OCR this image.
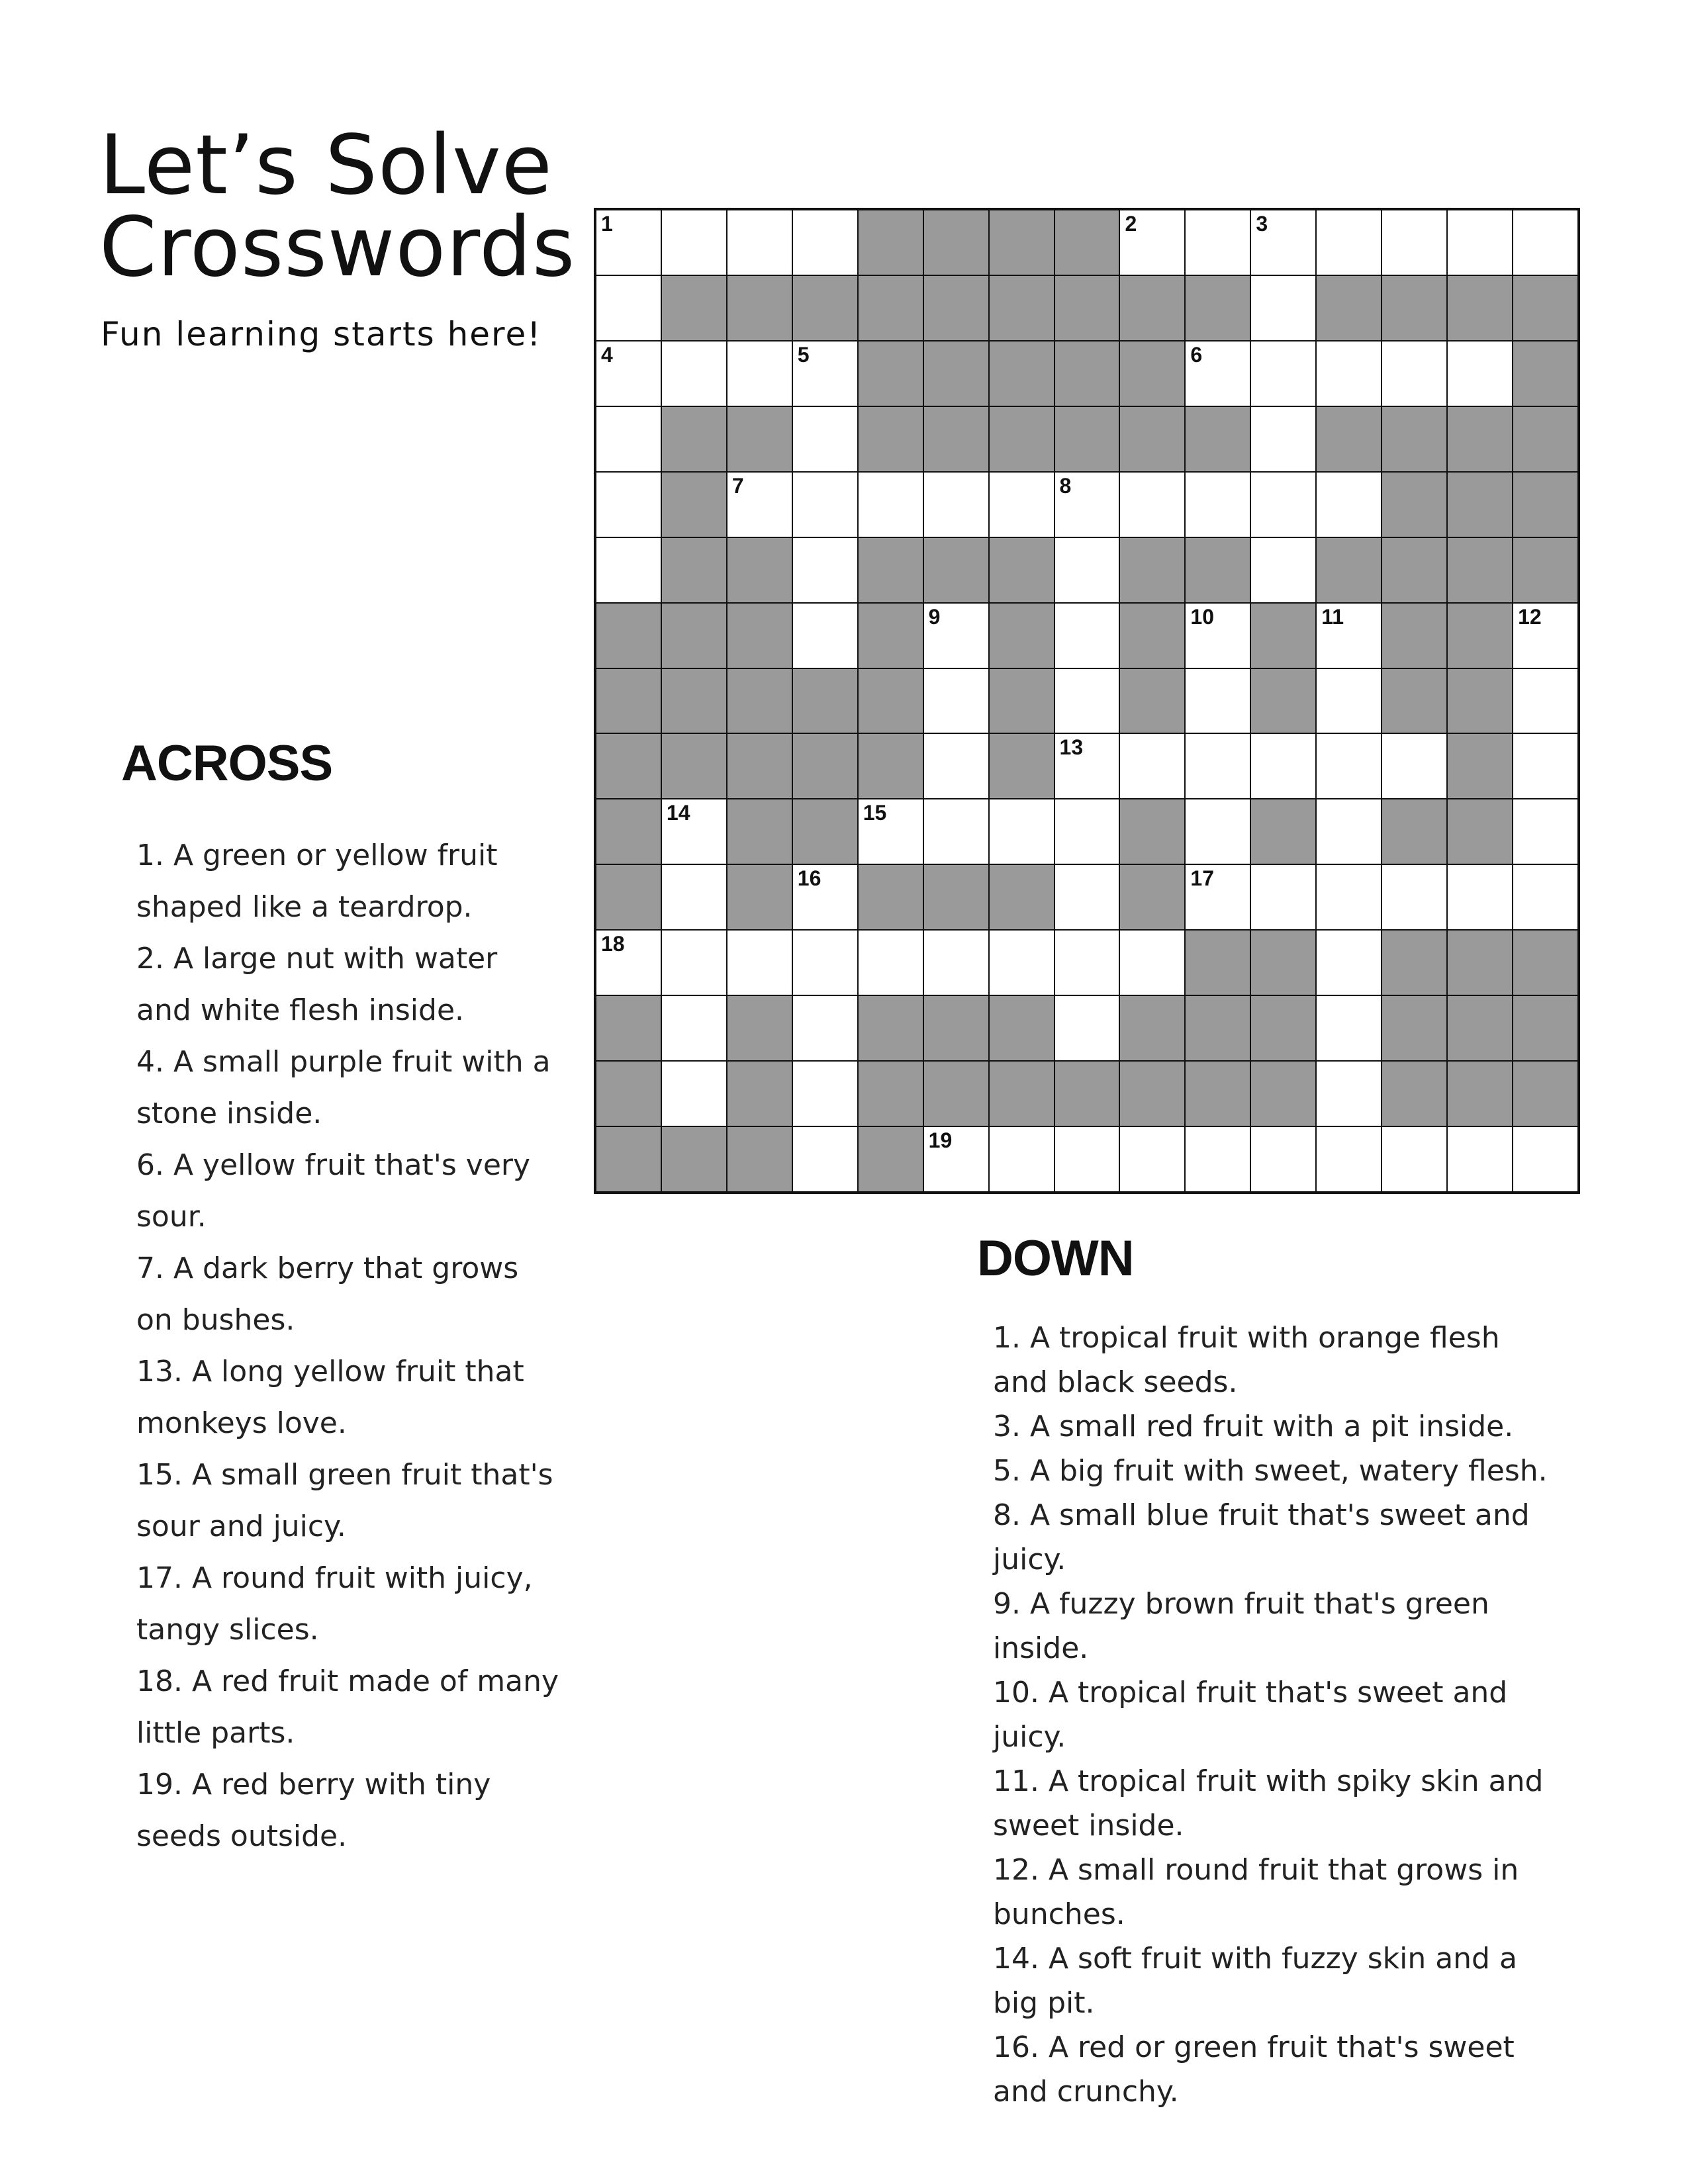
Let’s Solve
Crosswords
Fun learning starts here!
1	2	3
4	5	6
7	8
9	10	11	12
13
14	15
16	17
18
19
ACROSS
1. A green or yellow fruit shaped like a teardrop.
2. A large nut with water and white flesh inside.
4. A small purple fruit with a stone inside.
6. A yellow fruit that's very sour.
7. A dark berry that grows on bushes.
13. A long yellow fruit that monkeys love.
15. A small green fruit that's sour and juicy.
17. A round fruit with juicy, tangy slices.
18. A red fruit made of many little parts.
19. A red berry with tiny seeds outside.
DOWN
1. A tropical fruit with orange flesh and black seeds.
3. A small red fruit with a pit inside.
5. A big fruit with sweet, watery flesh.
8. A small blue fruit that's sweet and juicy.
9. A fuzzy brown fruit that's green inside.
10. A tropical fruit that's sweet and juicy.
11. A tropical fruit with spiky skin and sweet inside.
12. A small round fruit that grows in bunches.
14. A soft fruit with fuzzy skin and a big pit.
16. A red or green fruit that's sweet and crunchy.
